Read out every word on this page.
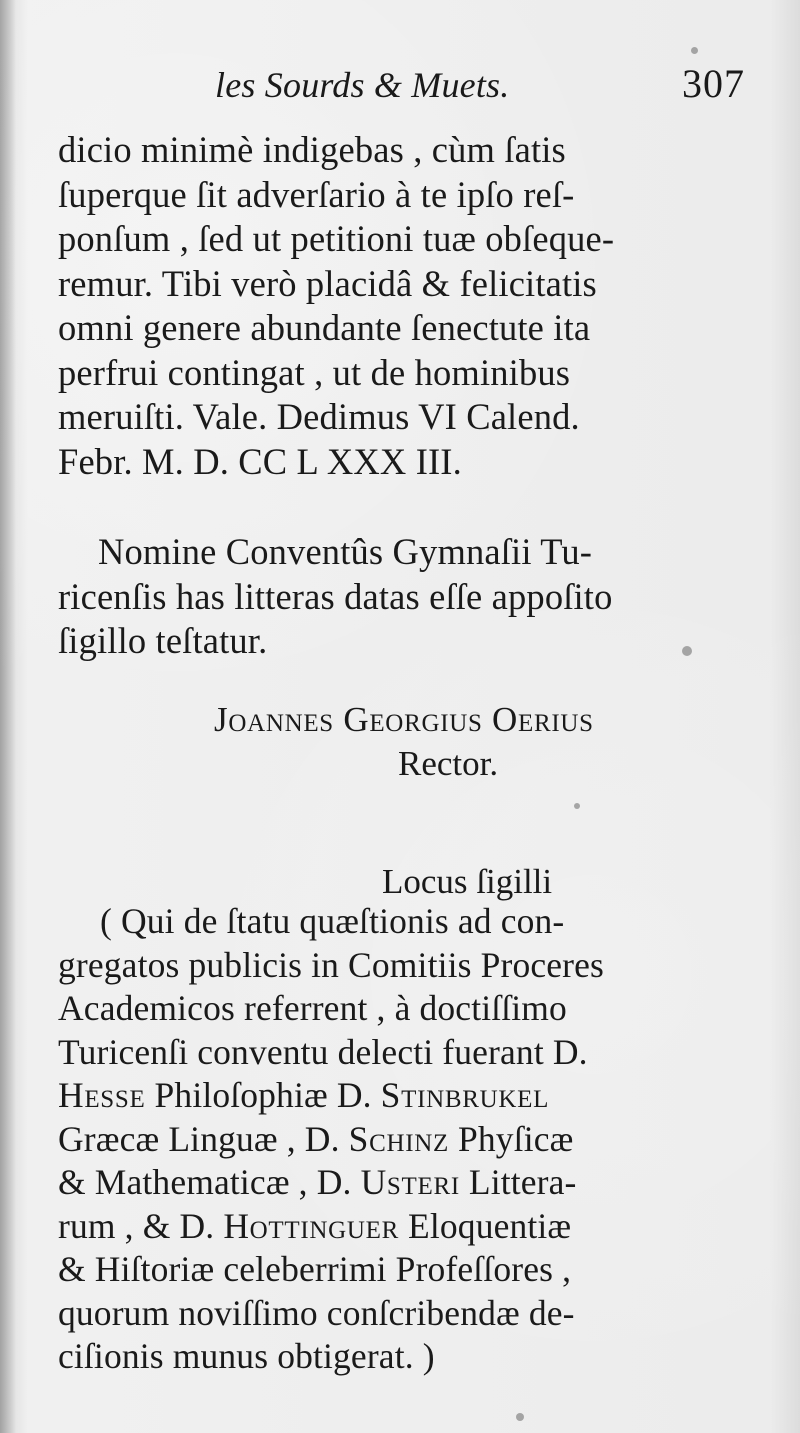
les Sourds & Muets.	307
dicio minimè indigebas , cùm ſatis
ſuperque ſit adverſario à te ipſo reſ-
ponſum , ſed ut petitioni tuæ obſeque-
remur. Tibi verò placidâ & felicitatis
omni genere abundante ſenectute ita
perfrui contingat , ut de hominibus
meruiſti. Vale. Dedimus VI Calend.
Febr. M. D. CC L XXX III.
Nomine Conventûs Gymnaſii Tu-
ricenſis has litteras datas eſſe appoſito
ſigillo teſtatur.
Joannes Georgius Oerius
Rector.
Locus ſigilli
( Qui de ſtatu quæſtionis ad con-
gregatos publicis in Comitiis Proceres
Academicos referrent , à doctiſſimo
Turicenſi conventu delecti fuerant D.
Hesse Philoſophiæ D. Stinbrukel
Græcæ Linguæ , D. Schinz Phyſicæ
& Mathematicæ , D. Usteri Littera-
rum , & D. Hottinguer Eloquentiæ
& Hiſtoriæ celeberrimi Profeſſores ,
quorum noviſſimo conſcribendæ de-
ciſionis munus obtigerat. )
